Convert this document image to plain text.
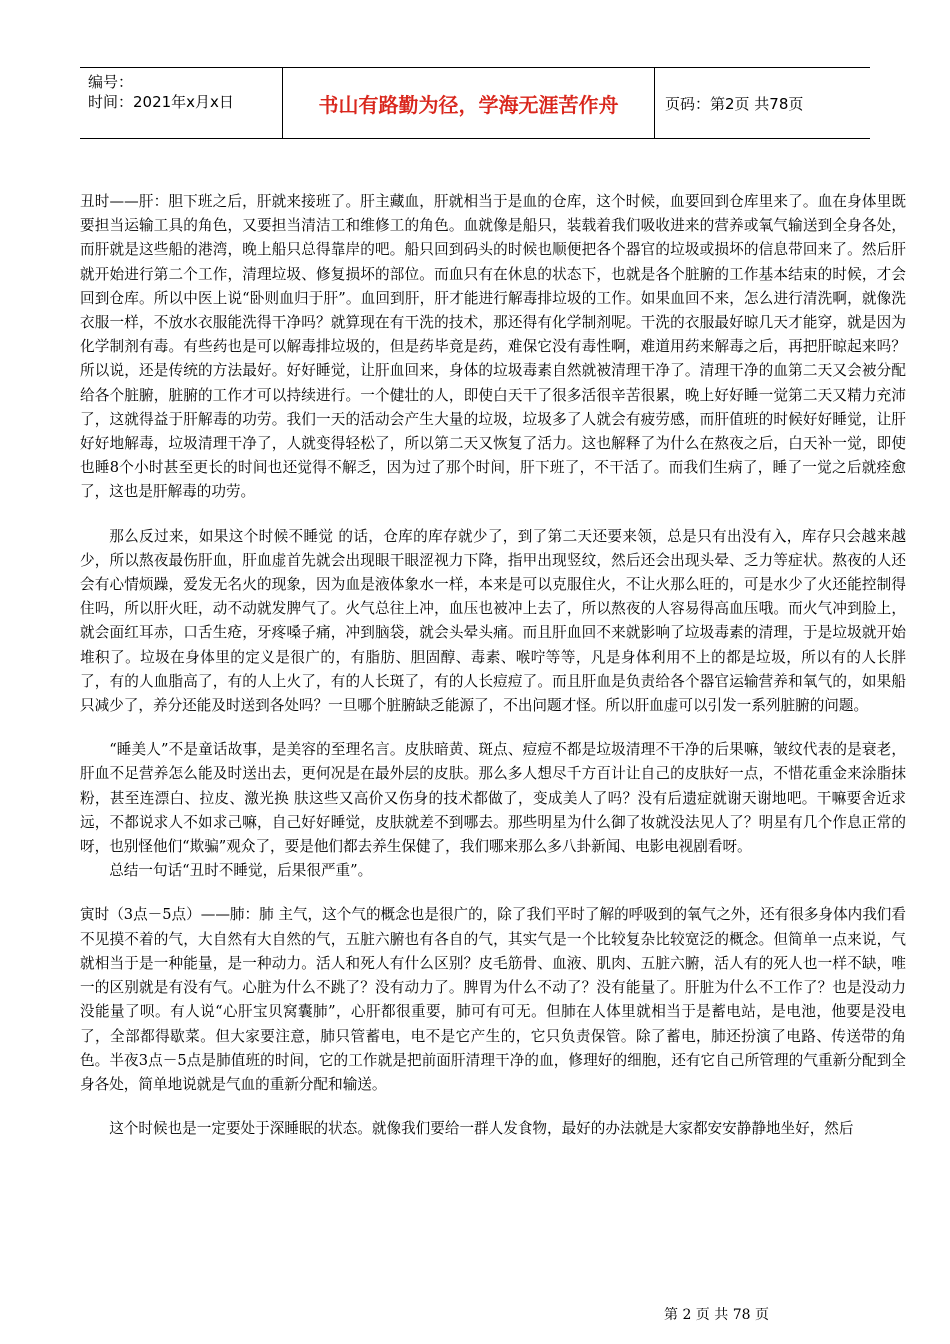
编号：
时间：2021年x月x日	书山有路勤为径，学海无涯苦作舟	页码：第2页 共78页

丑时——肝：胆下班之后，肝就来接班了。肝主藏血，肝就相当于是血的仓库，这个时候，血要回到仓库里来了。血在身体里既要担当运输工具的角色，又要担当清洁工和维修工的角色。血就像是船只，装载着我们吸收进来的营养或氧气输送到全身各处，而肝就是这些船的港湾，晚上船只总得靠岸的吧。船只回到码头的时候也顺便把各个器官的垃圾或损坏的信息带回来了。然后肝就开始进行第二个工作，清理垃圾、修复损坏的部位。而血只有在休息的状态下，也就是各个脏腑的工作基本结束的时候，才会回到仓库。所以中医上说“卧则血归于肝”。血回到肝，肝才能进行解毒排垃圾的工作。如果血回不来，怎么进行清洗啊，就像洗衣服一样，不放水衣服能洗得干净吗？就算现在有干洗的技术，那还得有化学制剂呢。干洗的衣服最好晾几天才能穿，就是因为化学制剂有毒。有些药也是可以解毒排垃圾的，但是药毕竟是药，难保它没有毒性啊，难道用药来解毒之后，再把肝晾起来吗？所以说，还是传统的方法最好。好好睡觉，让肝血回来，身体的垃圾毒素自然就被清理干净了。清理干净的血第二天又会被分配给各个脏腑，脏腑的工作才可以持续进行。一个健壮的人，即使白天干了很多活很辛苦很累，晚上好好睡一觉第二天又精力充沛了，这就得益于肝解毒的功劳。我们一天的活动会产生大量的垃圾，垃圾多了人就会有疲劳感，而肝值班的时候好好睡觉，让肝好好地解毒，垃圾清理干净了，人就变得轻松了，所以第二天又恢复了活力。这也解释了为什么在熬夜之后，白天补一觉，即使也睡8个小时甚至更长的时间也还觉得不解乏，因为过了那个时间，肝下班了，不干活了。而我们生病了，睡了一觉之后就痊愈了，这也是肝解毒的功劳。

那么反过来，如果这个时候不睡觉 的话，仓库的库存就少了，到了第二天还要来领，总是只有出没有入，库存只会越来越少，所以熬夜最伤肝血，肝血虚首先就会出现眼干眼涩视力下降，指甲出现竖纹，然后还会出现头晕、乏力等症状。熬夜的人还会有心情烦躁，爱发无名火的现象，因为血是液体象水一样，本来是可以克服住火，不让火那么旺的，可是水少了火还能控制得住吗，所以肝火旺，动不动就发脾气了。火气总往上冲，血压也被冲上去了，所以熬夜的人容易得高血压哦。而火气冲到脸上，就会面红耳赤，口舌生疮，牙疼嗓子痛，冲到脑袋，就会头晕头痛。而且肝血回不来就影响了垃圾毒素的清理，于是垃圾就开始堆积了。垃圾在身体里的定义是很广的，有脂肪、胆固醇、毒素、喉咛等等，凡是身体利用不上的都是垃圾，所以有的人长胖了，有的人血脂高了，有的人上火了，有的人长斑了，有的人长痘痘了。而且肝血是负责给各个器官运输营养和氧气的，如果船只减少了，养分还能及时送到各处吗？一旦哪个脏腑缺乏能源了，不出问题才怪。所以肝血虚可以引发一系列脏腑的问题。

“睡美人”不是童话故事，是美容的至理名言。皮肤暗黄、斑点、痘痘不都是垃圾清理不干净的后果嘛，皱纹代表的是衰老，肝血不足营养怎么能及时送出去，更何况是在最外层的皮肤。那么多人想尽千方百计让自己的皮肤好一点，不惜花重金来涂脂抹粉，甚至连漂白、拉皮、激光换 肤这些又高价又伤身的技术都做了，变成美人了吗？没有后遗症就谢天谢地吧。干嘛要舍近求远，不都说求人不如求己嘛，自己好好睡觉，皮肤就差不到哪去。那些明星为什么御了妆就没法见人了？明星有几个作息正常的呀，也别怪他们“欺骗”观众了，要是他们都去养生保健了，我们哪来那么多八卦新闻、电影电视剧看呀。

总结一句话“丑时不睡觉，后果很严重”。

寅时（3点－5点）——肺：肺 主气，这个气的概念也是很广的，除了我们平时了解的呼吸到的氧气之外，还有很多身体内我们看不见摸不着的气，大自然有大自然的气，五脏六腑也有各自的气，其实气是一个比较复杂比较宽泛的概念。但简单一点来说，气就相当于是一种能量，是一种动力。活人和死人有什么区别？皮毛筋骨、血液、肌肉、五脏六腑，活人有的死人也一样不缺，唯一的区别就是有没有气。心脏为什么不跳了？没有动力了。脾胃为什么不动了？没有能量了。肝脏为什么不工作了？也是没动力没能量了呗。有人说“心肝宝贝窝囊肺”，心肝都很重要，肺可有可无。但肺在人体里就相当于是蓄电站，是电池，他要是没电了，全部都得歇菜。但大家要注意，肺只管蓄电，电不是它产生的，它只负责保管。除了蓄电，肺还扮演了电路、传送带的角色。半夜3点－5点是肺值班的时间，它的工作就是把前面肝清理干净的血，修理好的细胞，还有它自己所管理的气重新分配到全身各处，简单地说就是气血的重新分配和输送。

这个时候也是一定要处于深睡眠的状态。就像我们要给一群人发食物，最好的办法就是大家都安安静静地坐好，然后

第 2 页 共 78 页
